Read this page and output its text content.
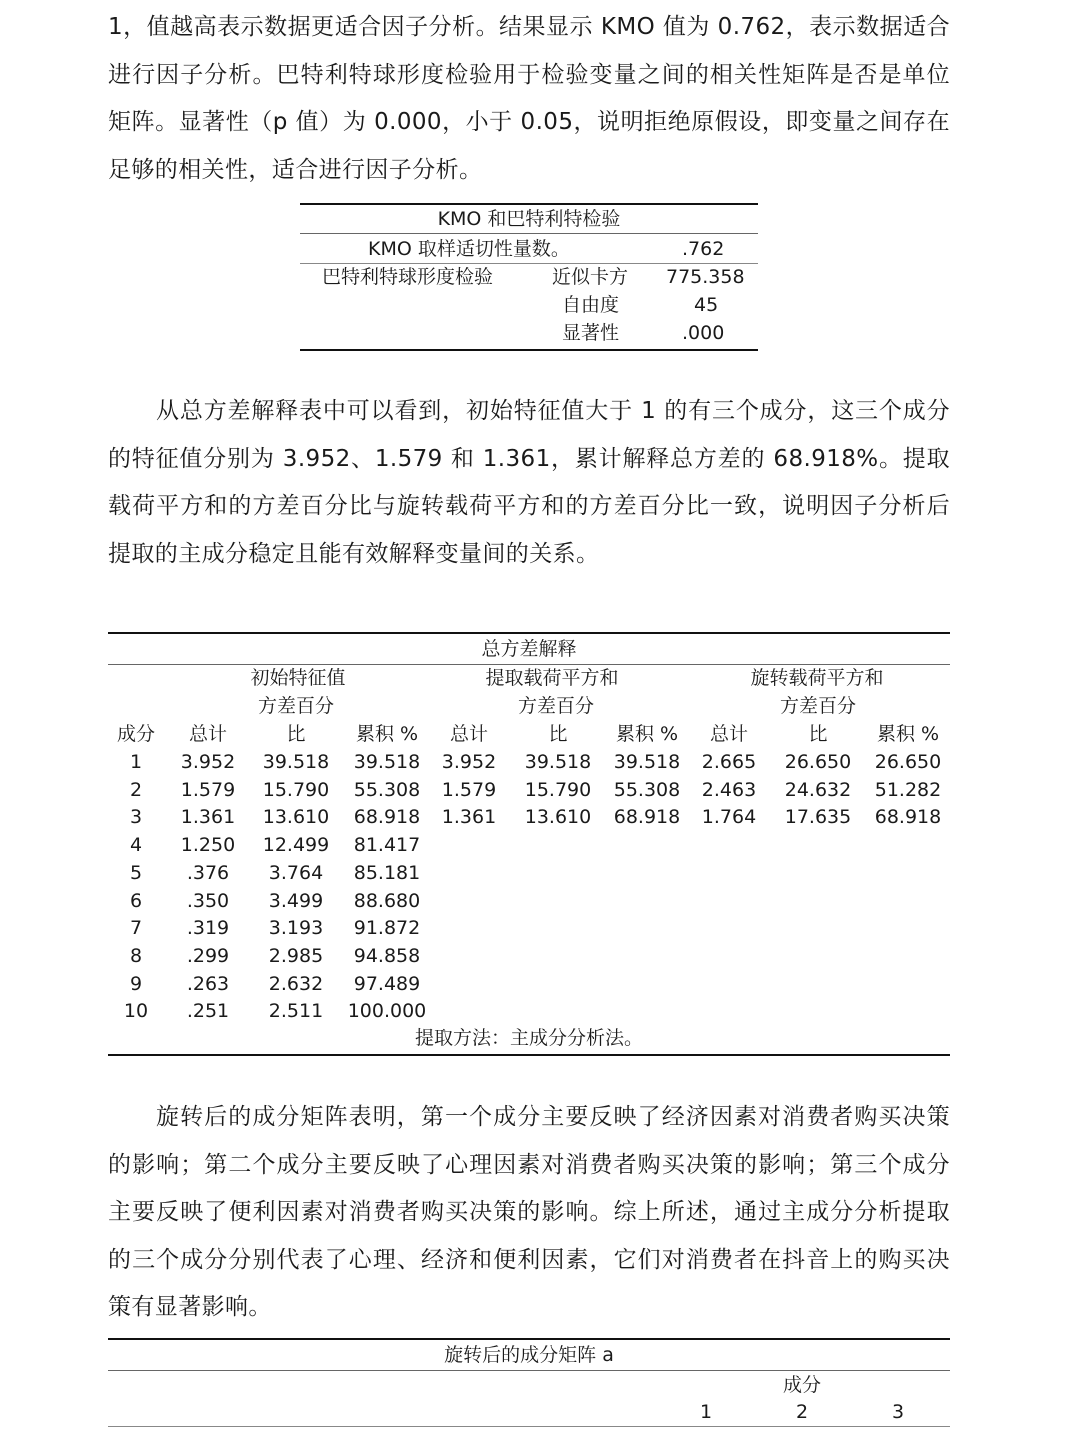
1，值越高表示数据更适合因子分析。结果显示 KMO 值为 0.762，表示数据适合进行因子分析。巴特利特球形度检验用于检验变量之间的相关性矩阵是否是单位矩阵。显著性（p 值）为 0.000，小于 0.05，说明拒绝原假设，即变量之间存在足够的相关性，适合进行因子分析。

KMO 和巴特利特检验
KMO 取样适切性量数。	.762
巴特利特球形度检验	近似卡方 775.358
自由度	45
显著性	.000

从总方差解释表中可以看到，初始特征值大于 1 的有三个成分，这三个成分的特征值分别为 3.952、1.579 和 1.361，累计解释总方差的 68.918%。提取载荷平方和的方差百分比与旋转载荷平方和的方差百分比一致，说明因子分析后提取的主成分稳定且能有效解释变量间的关系。

总方差解释
初始特征值	提取载荷平方和	旋转载荷平方和
方差百分	方差百分	方差百分
成分	总计	比	累积 %	总计	比	累积 %	总计	比	累积 %
1	3.952	39.518	39.518	3.952	39.518	39.518	2.665	26.650	26.650
2	1.579	15.790	55.308	1.579	15.790	55.308	2.463	24.632	51.282
3	1.361	13.610	68.918	1.361	13.610	68.918	1.764	17.635	68.918
4	1.250	12.499	81.417
5	.376	3.764	85.181
6	.350	3.499	88.680
7	.319	3.193	91.872
8	.299	2.985	94.858
9	.263	2.632	97.489
10	.251	2.511	100.000
提取方法：主成分分析法。

旋转后的成分矩阵表明，第一个成分主要反映了经济因素对消费者购买决策的影响；第二个成分主要反映了心理因素对消费者购买决策的影响；第三个成分主要反映了便利因素对消费者购买决策的影响。综上所述，通过主成分分析提取的三个成分分别代表了心理、经济和便利因素，它们对消费者在抖音上的购买决策有显著影响。

旋转后的成分矩阵 a
成分
1	2	3
